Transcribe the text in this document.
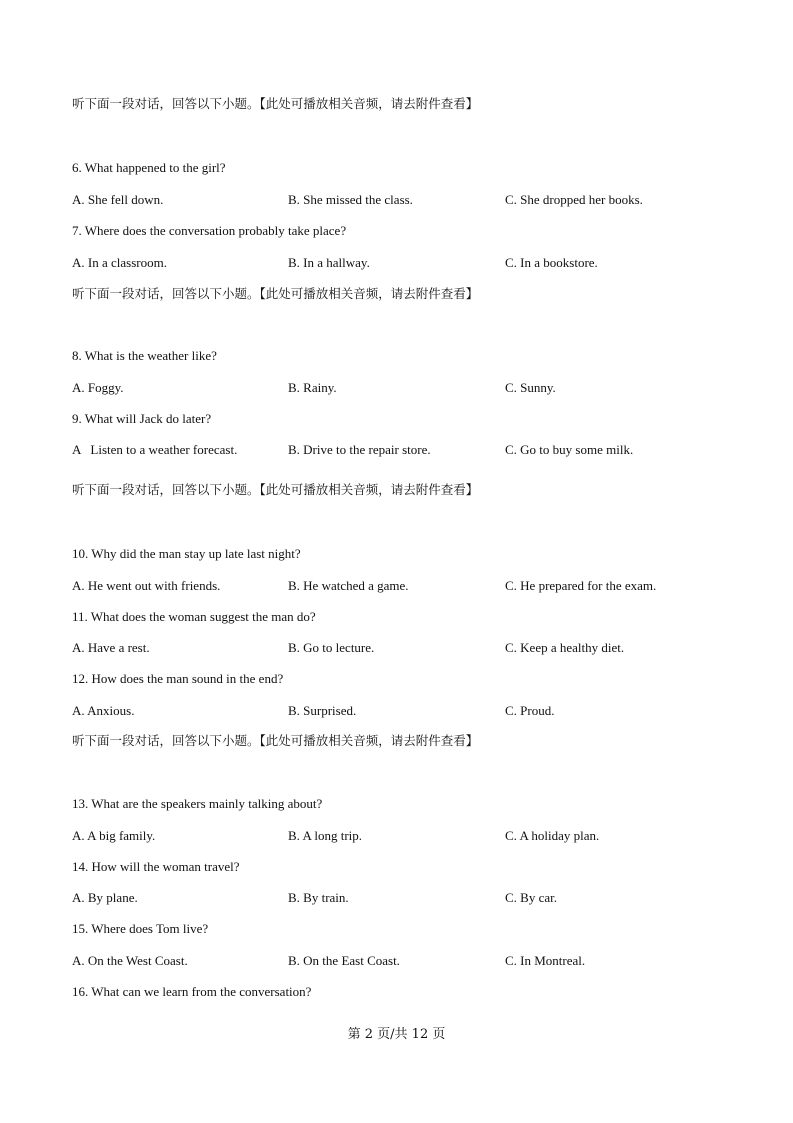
听下面一段对话，回答以下小题。【此处可播放相关音频，请去附件查看】
6. What happened to the girl?
A. She fell down.	B. She missed the class.	C. She dropped her books.
7. Where does the conversation probably take place?
A. In a classroom.	B. In a hallway.	C. In a bookstore.
听下面一段对话，回答以下小题。【此处可播放相关音频，请去附件查看】
8. What is the weather like?
A. Foggy.	B. Rainy.	C. Sunny.
9. What will Jack do later?
A   Listen to a weather forecast.	B. Drive to the repair store.	C. Go to buy some milk.
听下面一段对话，回答以下小题。【此处可播放相关音频，请去附件查看】
10. Why did the man stay up late last night?
A. He went out with friends.	B. He watched a game.	C. He prepared for the exam.
11. What does the woman suggest the man do?
A. Have a rest.	B. Go to lecture.	C. Keep a healthy diet.
12. How does the man sound in the end?
A. Anxious.	B. Surprised.	C. Proud.
听下面一段对话，回答以下小题。【此处可播放相关音频，请去附件查看】
13. What are the speakers mainly talking about?
A. A big family.	B. A long trip.	C. A holiday plan.
14. How will the woman travel?
A. By plane.	B. By train.	C. By car.
15. Where does Tom live?
A. On the West Coast.	B. On the East Coast.	C. In Montreal.
16. What can we learn from the conversation?
第 2 页/共 12 页
